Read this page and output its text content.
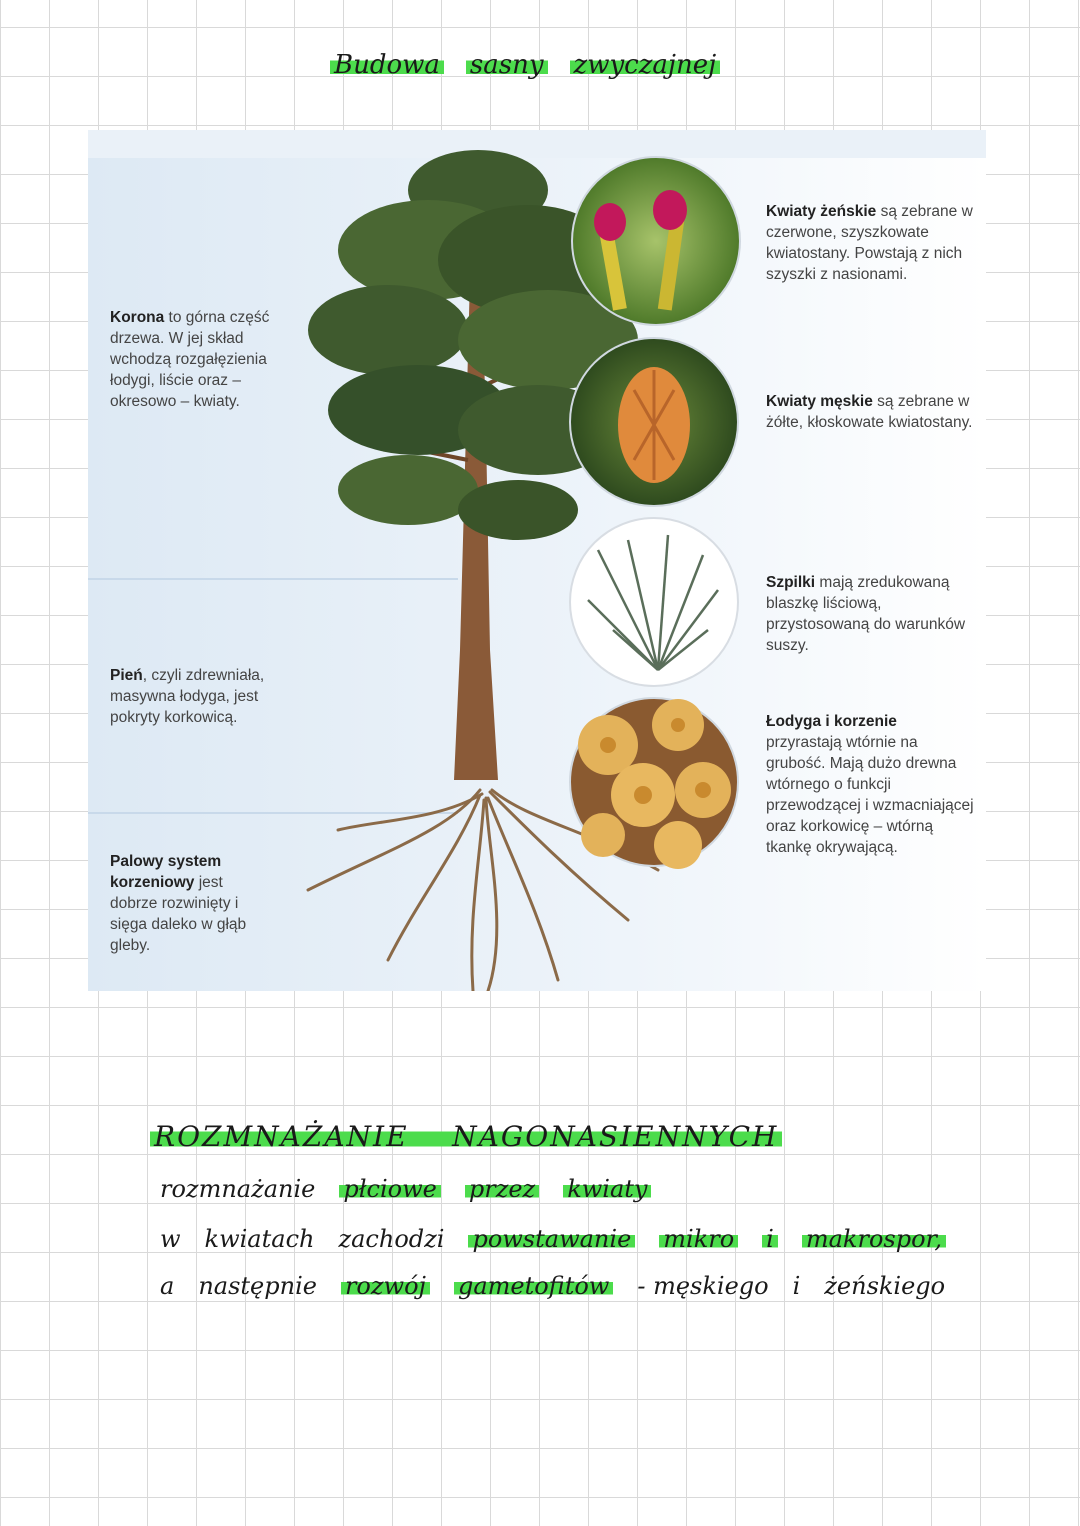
Budowa sasny zwyczajnej
Korona to górna część drzewa. W jej skład wchodzą rozgałęzienia łodygi, liście oraz – okresowo – kwiaty.
Pień, czyli zdrewniała, masywna łodyga, jest pokryty korkowicą.
Palowy system korzeniowy jest dobrze rozwinięty i sięga daleko w głąb gleby.
Kwiaty żeńskie są zebrane w czerwone, szyszkowate kwiatostany. Powstają z nich szyszki z nasionami.
Kwiaty męskie są zebrane w żółte, kłoskowate kwiatostany.
Szpilki mają zredukowaną blaszkę liściową, przystosowaną do warunków suszy.
Łodyga i korzenie przyrastają wtórnie na grubość. Mają dużo drewna wtórnego o funkcji przewodzącej i wzmacniającej oraz korkowicę – wtórną tkankę okrywającą.
ROZMNAŻANIE NAGONASIENNYCH
rozmnażanie płciowe przez kwiaty
w kwiatach zachodzi powstawanie mikro i makrospor,
a następnie rozwój gametofitów - męskiego i żeńskiego
